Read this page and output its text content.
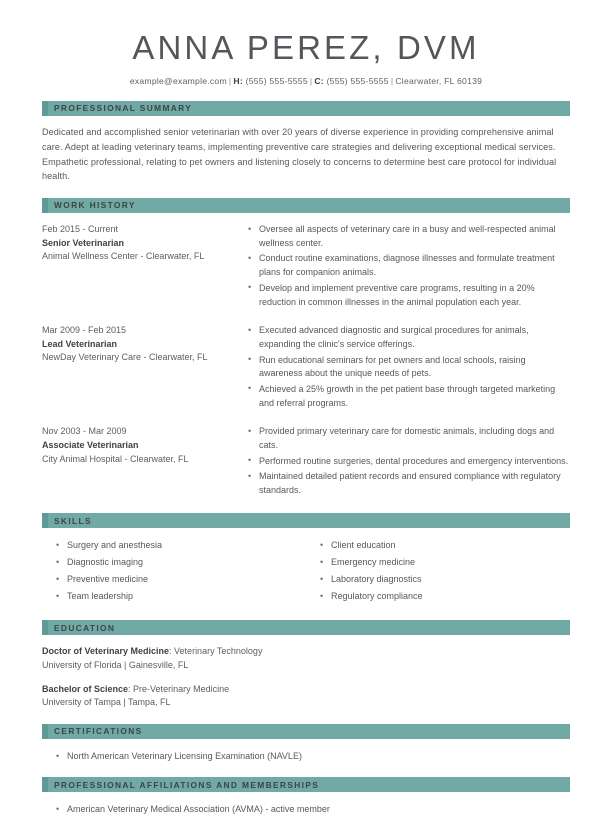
ANNA PEREZ, DVM
example@example.com | H: (555) 555-5555 | C: (555) 555-5555 | Clearwater, FL 60139
PROFESSIONAL SUMMARY
Dedicated and accomplished senior veterinarian with over 20 years of diverse experience in providing comprehensive animal care. Adept at leading veterinary teams, implementing preventive care strategies and delivering exceptional medical services. Empathetic professional, relating to pet owners and listening closely to concerns to determine best care protocol for individual health.
WORK HISTORY
Feb 2015 - Current
Senior Veterinarian
Animal Wellness Center - Clearwater, FL
• Oversee all aspects of veterinary care in a busy and well-respected animal wellness center.
• Conduct routine examinations, diagnose illnesses and formulate treatment plans for companion animals.
• Develop and implement preventive care programs, resulting in a 20% reduction in common illnesses in the animal population each year.
Mar 2009 - Feb 2015
Lead Veterinarian
NewDay Veterinary Care - Clearwater, FL
• Executed advanced diagnostic and surgical procedures for animals, expanding the clinic's service offerings.
• Run educational seminars for pet owners and local schools, raising awareness about the unique needs of pets.
• Achieved a 25% growth in the pet patient base through targeted marketing and referral programs.
Nov 2003 - Mar 2009
Associate Veterinarian
City Animal Hospital - Clearwater, FL
• Provided primary veterinary care for domestic animals, including dogs and cats.
• Performed routine surgeries, dental procedures and emergency interventions.
• Maintained detailed patient records and ensured compliance with regulatory standards.
SKILLS
• Surgery and anesthesia
• Diagnostic imaging
• Preventive medicine
• Team leadership
• Client education
• Emergency medicine
• Laboratory diagnostics
• Regulatory compliance
EDUCATION
Doctor of Veterinary Medicine: Veterinary Technology
University of Florida | Gainesville, FL
Bachelor of Science: Pre-Veterinary Medicine
University of Tampa | Tampa, FL
CERTIFICATIONS
• North American Veterinary Licensing Examination (NAVLE)
PROFESSIONAL AFFILIATIONS AND MEMBERSHIPS
• American Veterinary Medical Association (AVMA) - active member
